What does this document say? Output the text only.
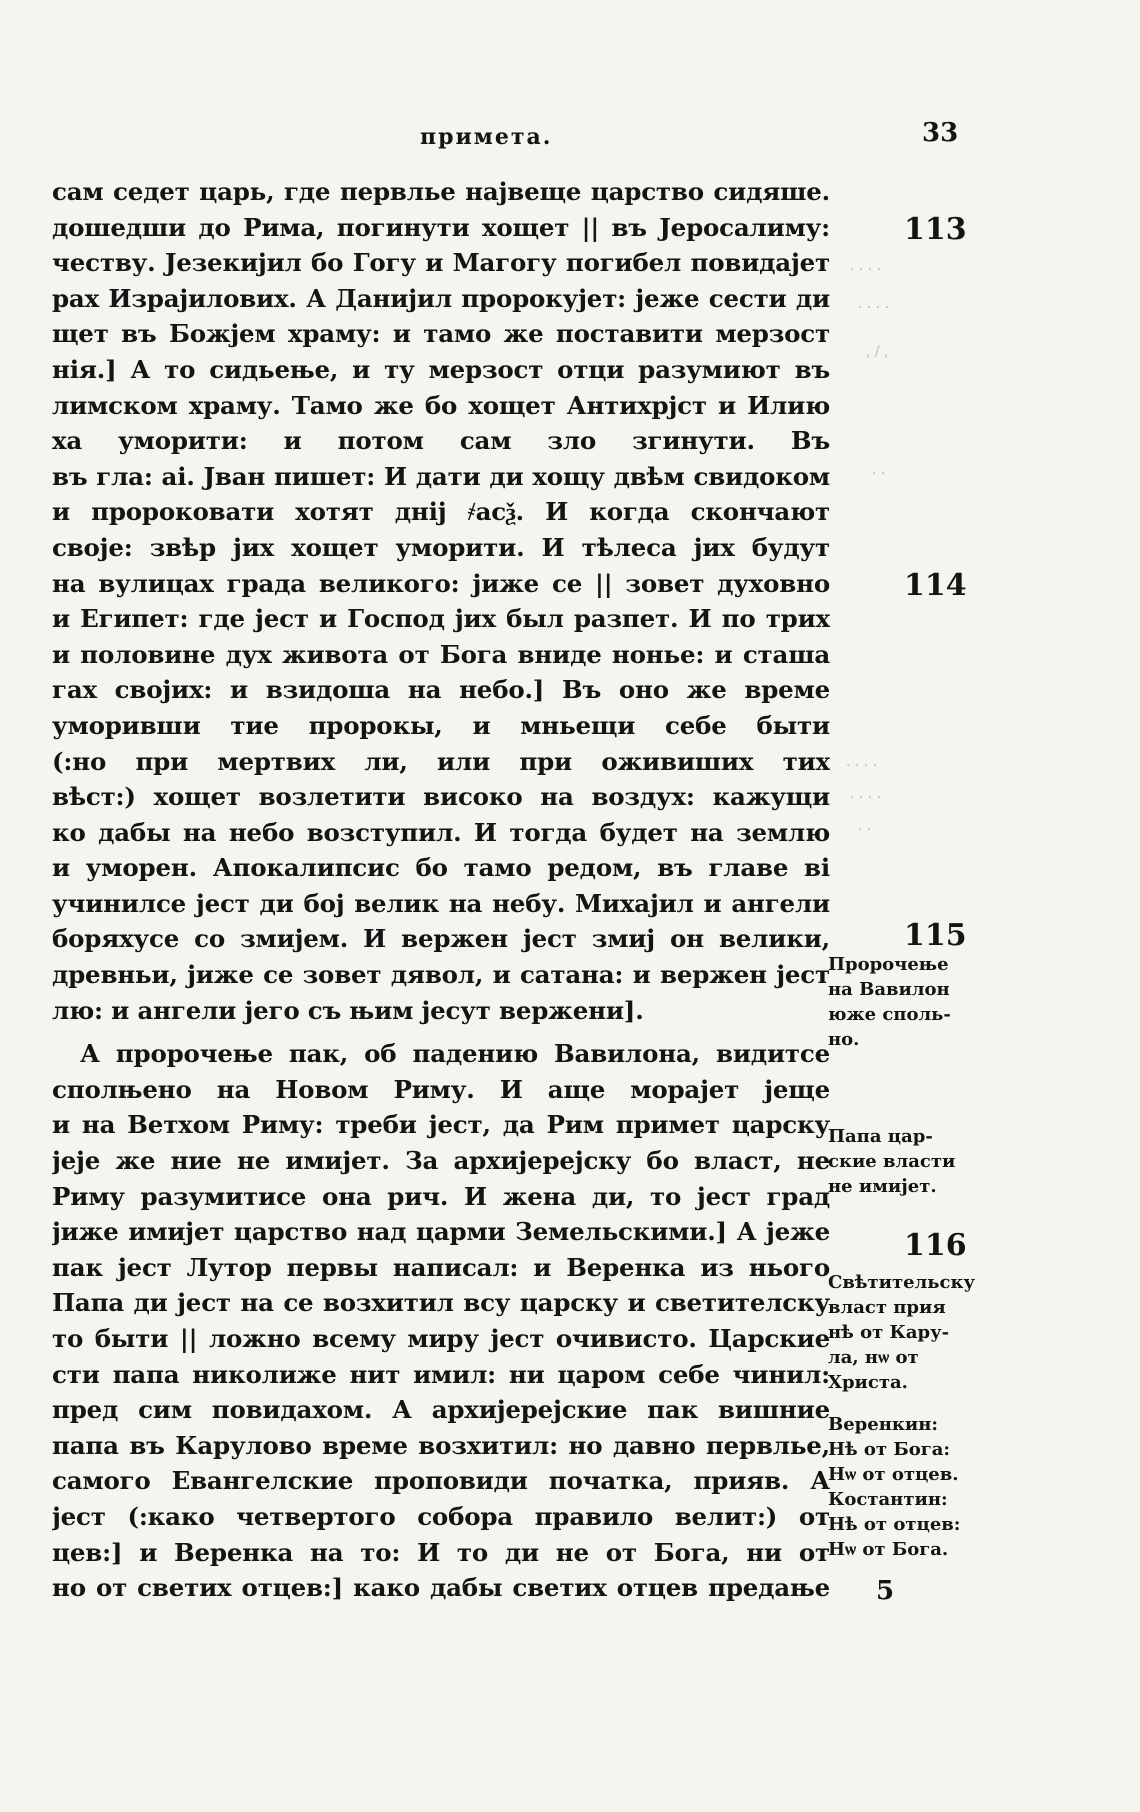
примета.	33
сам седет царь, где первлье највеще царство сидяше.
дошедши до Рима, погинути хощет || въ Јеросалиму:
честву. Језекијил бо Гогу и Магогу погибел повидајет
рах Израјилових. А Данијил пророкујет: јеже сести ди
щет въ Божјем храму: и тамо же поставити мерзост
нія.] А то сидьење, и ту мерзост отци разумиют въ
лимском храму. Тамо же бо хощет Антихрјст и Илию
ха уморити: и потом сам зло згинути. Въ
въ гла: аі. Јван пишет: И дати ди хощу двѣм свидоком
и пророковати хотят днij ҂асѯ. И когда скончают
своје: звѣр јих хощет уморити. И тѣлеса јих будут
на вулицах града великого: јиже се || зовет духовно
и Египет: где јест и Господ јих был разпет. И по трих
и половине дух живота от Бога вниде нонье: и сташа
гах својих: и взидоша на небо.] Въ оно же време
уморивши тие пророкы, и мньещи себе быти
(:но при мертвих ли, или при оживиших тих
вѣст:) хощет возлетити високо на воздух: кажущи
ко дабы на небо возступил. И тогда будет на землю
и уморен. Апокалипсис бо тамо редом, въ главе ві
учинилсе јест ди бој велик на небу. Михаjил и ангели
боряхусе со змијем. И вержен јест змиј он велики,
древньи, јиже се зовет дявол, и сатана: и вержен јест
лю: и ангели јего съ њим јесут вержени].
А пророчење пак, об падению Вавилона, видитсе
сполњено на Новом Риму. И аще морајет јеще
и на Ветхом Риму: треби јест, да Рим примет царску
јеје же ние не имијет. За архијерејску бо власт, не
Риму разумитисе она рич. И жена ди, то јест град
јиже имиjет царство над царми Земельскими.] А јеже
пак јест Лутор первы написал: и Веренка из нього
Папа ди јест на се возхитил всу царску и светителску
то быти || ложно всему миру јест очивисто. Царские
сти папа николиже нит имил: ни царом себе чинил:
пред сим повидахом. А архиjерејские пак вишние
папа въ Карулово време возхитил: но давно первлье,
самого Евангелские проповиди початка, прияв. А
јест (:како четвертого собора правило велит:) от
цев:] и Веренка на то: И то ди не от Бога, ни от
но от светих отцев:] како дабы светих отцев предање
113
114
115
116
Пророчење
на Вавилон
юже споль-
но.
Папа цар-
ские власти
не имијет.
Свѣтительску
власт прия
нѣ от Кару-
ла, нѡ от
Христа.
Веренкин:
Нѣ от Бога:
Нѡ от отцев.
Костантин:
Нѣ от отцев:
Нѡ от Бога.
5
· · · ·
· · · ·
, / ,
· ·
· · · ·
· · · ·
· ·
